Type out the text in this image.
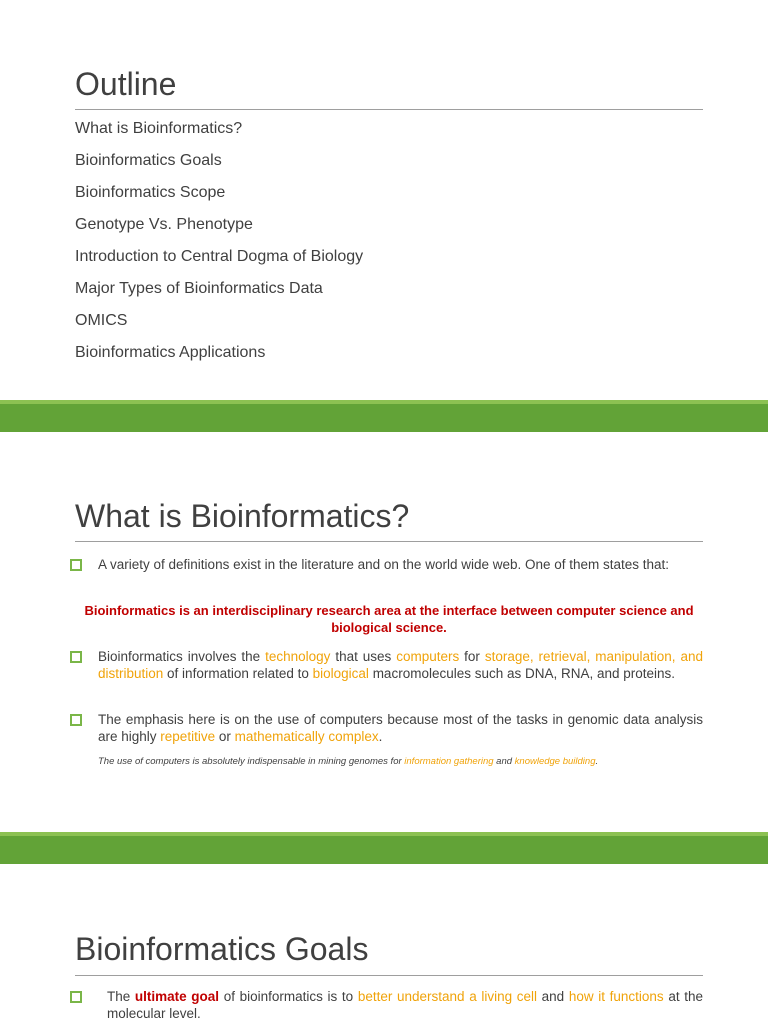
Outline
What is Bioinformatics?
Bioinformatics Goals
Bioinformatics Scope
Genotype Vs. Phenotype
Introduction to Central Dogma of Biology
Major Types of Bioinformatics Data
OMICS
Bioinformatics Applications
What is Bioinformatics?
A variety of definitions exist in the literature and on the world wide web. One of them states that:
Bioinformatics is an interdisciplinary research area at the interface between computer science and biological science.
Bioinformatics involves the technology that uses computers for storage, retrieval, manipulation, and distribution of information related to biological macromolecules such as DNA, RNA, and proteins.
The emphasis here is on the use of computers because most of the tasks in genomic data analysis are highly repetitive or mathematically complex.
The use of computers is absolutely indispensable in mining genomes for information gathering and knowledge building.
Bioinformatics Goals
The ultimate goal of bioinformatics is to better understand a living cell and how it functions at the molecular level.
